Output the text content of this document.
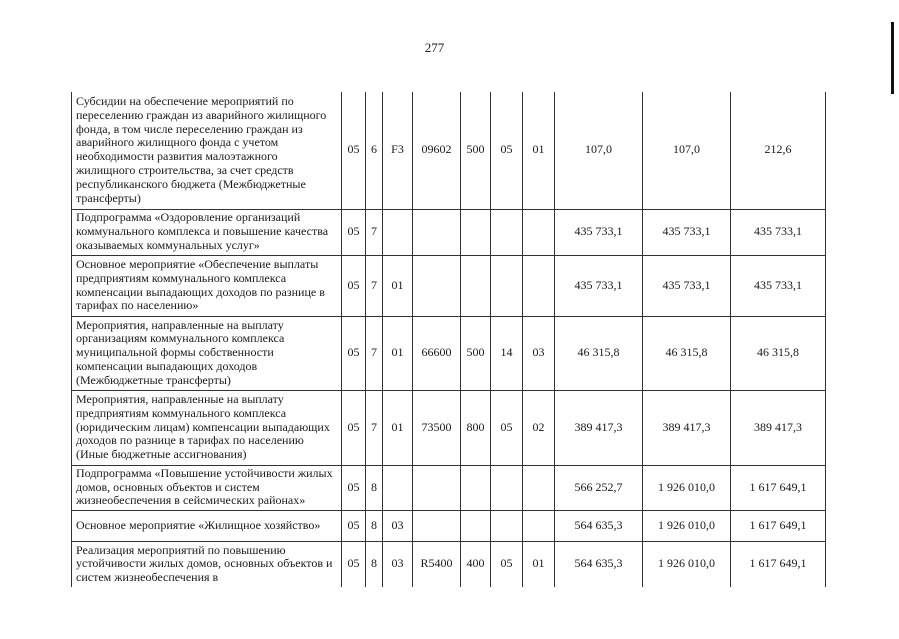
277
Субсидии на обеспечение мероприятий по переселению граждан из аварийного жилищного фонда, в том числе переселению граждан из аварийного жилищного фонда с учетом необходимости развития малоэтажного жилищного строительства, за счет средств республиканского бюджета (Межбюджетные трансферты)	05	6	F3	09602	500	05	01	107,0	107,0	212,6
Подпрограмма «Оздоровление организаций коммунального комплекса и повышение качества оказываемых коммунальных услуг»	05	7						435 733,1	435 733,1	435 733,1
Основное мероприятие «Обеспечение выплаты предприятиям коммунального комплекса компенсации выпадающих доходов по разнице в тарифах по населению»	05	7	01					435 733,1	435 733,1	435 733,1
Мероприятия, направленные на выплату организациям коммунального комплекса муниципальной формы собственности компенсации выпадающих доходов (Межбюджетные трансферты)	05	7	01	66600	500	14	03	46 315,8	46 315,8	46 315,8
Мероприятия, направленные на выплату предприятиям коммунального комплекса (юридическим лицам) компенсации выпадающих доходов по разнице в тарифах по населению (Иные бюджетные ассигнования)	05	7	01	73500	800	05	02	389 417,3	389 417,3	389 417,3
Подпрограмма «Повышение устойчивости жилых домов, основных объектов и систем жизнеобеспечения в сейсмических районах»	05	8						566 252,7	1 926 010,0	1 617 649,1
Основное мероприятие «Жилищное хозяйство»	05	8	03					564 635,3	1 926 010,0	1 617 649,1
Реализация мероприятий по повышению устойчивости жилых домов, основных объектов и систем жизнеобеспечения в	05	8	03	R5400	400	05	01	564 635,3	1 926 010,0	1 617 649,1
